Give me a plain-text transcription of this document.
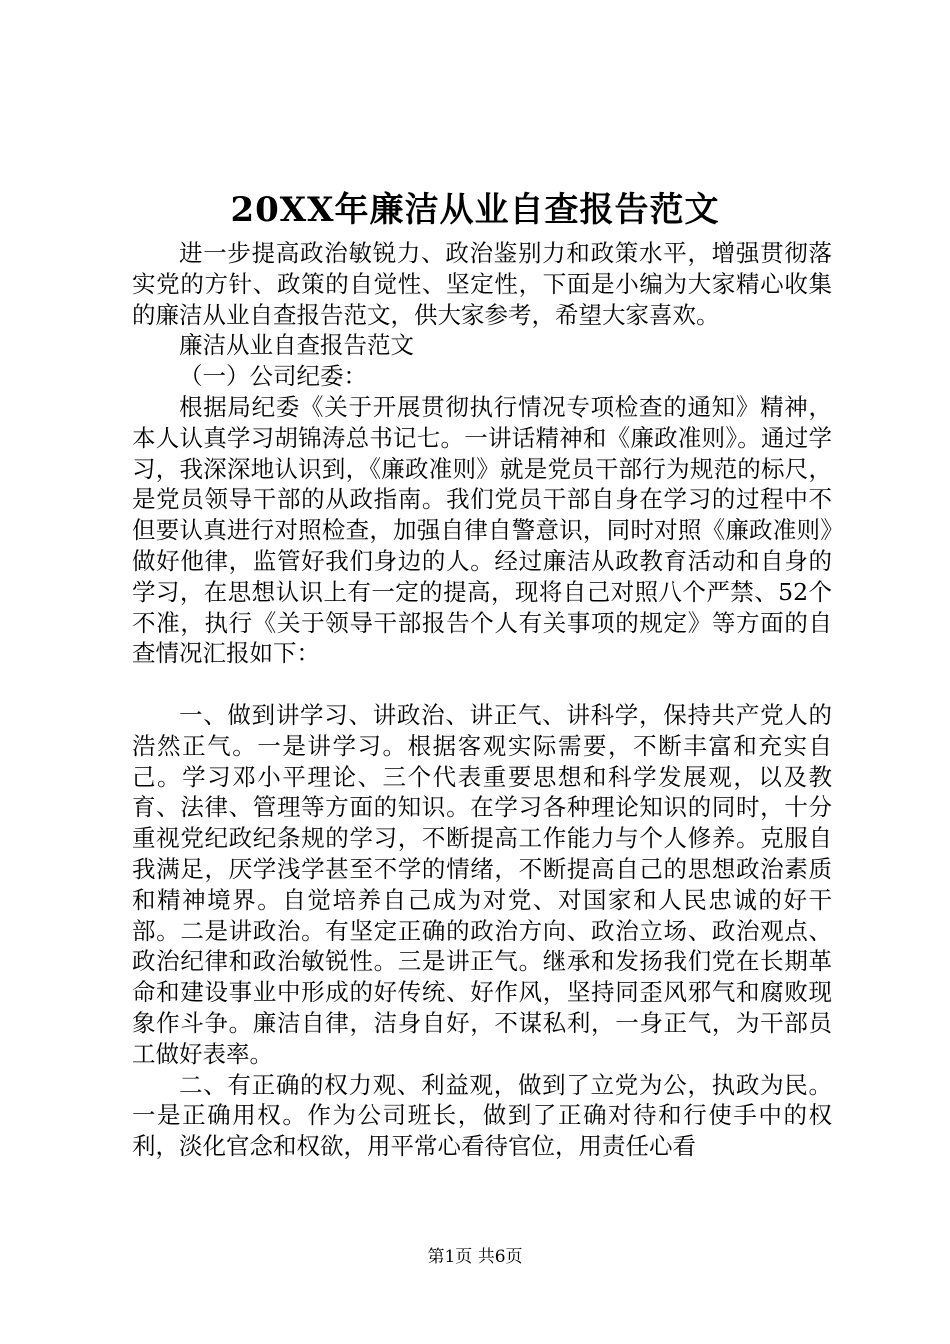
20XX年廉洁从业自查报告范文

进一步提高政治敏锐力、政治鉴别力和政策水平，增强贯彻落实党的方针、政策的自觉性、坚定性，下面是小编为大家精心收集的廉洁从业自查报告范文，供大家参考，希望大家喜欢。

廉洁从业自查报告范文

（一）公司纪委：

根据局纪委《关于开展贯彻执行情况专项检查的通知》精神，本人认真学习胡锦涛总书记七。一讲话精神和《廉政准则》。通过学习，我深深地认识到，《廉政准则》就是党员干部行为规范的标尺，是党员领导干部的从政指南。我们党员干部自身在学习的过程中不但要认真进行对照检查，加强自律自警意识，同时对照《廉政准则》做好他律，监管好我们身边的人。经过廉洁从政教育活动和自身的学习，在思想认识上有一定的提高，现将自己对照八个严禁、52个不准，执行《关于领导干部报告个人有关事项的规定》等方面的自查情况汇报如下：

一、做到讲学习、讲政治、讲正气、讲科学，保持共产党人的浩然正气。一是讲学习。根据客观实际需要，不断丰富和充实自己。学习邓小平理论、三个代表重要思想和科学发展观，以及教育、法律、管理等方面的知识。在学习各种理论知识的同时，十分重视党纪政纪条规的学习，不断提高工作能力与个人修养。克服自我满足，厌学浅学甚至不学的情绪，不断提高自己的思想政治素质和精神境界。自觉培养自己成为对党、对国家和人民忠诚的好干部。二是讲政治。有坚定正确的政治方向、政治立场、政治观点、政治纪律和政治敏锐性。三是讲正气。继承和发扬我们党在长期革命和建设事业中形成的好传统、好作风，坚持同歪风邪气和腐败现象作斗争。廉洁自律，洁身自好，不谋私利，一身正气，为干部员工做好表率。

二、有正确的权力观、利益观，做到了立党为公，执政为民。一是正确用权。作为公司班长，做到了正确对待和行使手中的权利，淡化官念和权欲，用平常心看待官位，用责任心看

第1页 共6页
